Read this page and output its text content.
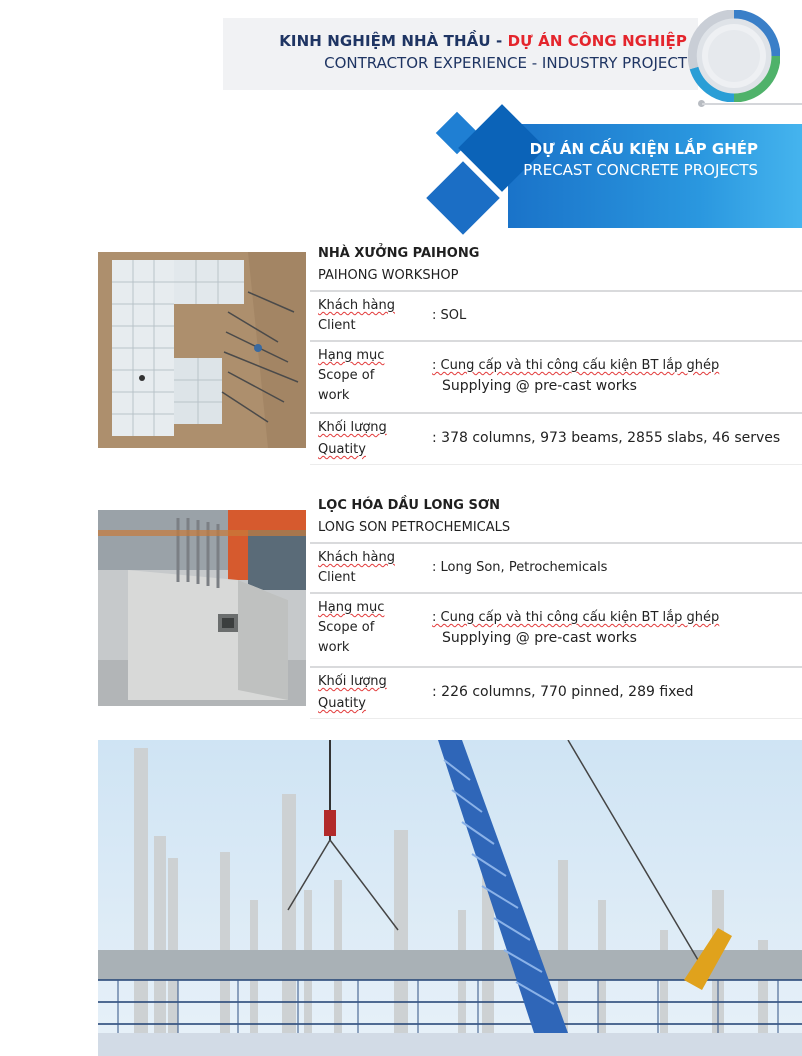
KINH NGHIỆM NHÀ THẦU - DỰ ÁN CÔNG NGHIỆP
CONTRACTOR EXPERIENCE - INDUSTRY PROJECT
DỰ ÁN CẤU KIỆN LẮP GHÉP
PRECAST CONCRETE PROJECTS
NHÀ XƯỞNG PAIHONG
PAIHONG WORKSHOP
Khách hàng
Client
: SOL
Hạng mục
Scope of
work
: Cung cấp và thi công cấu kiện BT lắp ghép
Supplying @ pre-cast works
Khối lượng
Quatity
: 378 columns, 973 beams, 2855 slabs, 46 serves
LỌC HÓA DẦU LONG SƠN
LONG SON PETROCHEMICALS
Khách hàng
Client
: Long Son, Petrochemicals
Hạng mục
Scope of
work
: Cung cấp và thi công cấu kiện BT lắp ghép
Supplying @ pre-cast works
Khối lượng
Quatity
: 226 columns, 770 pinned, 289 fixed
